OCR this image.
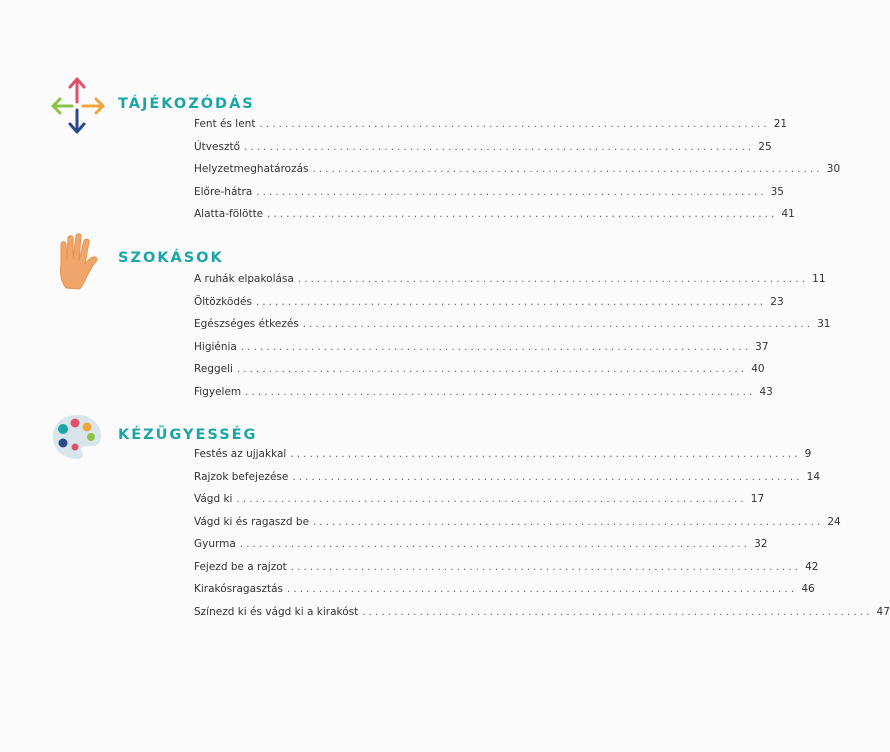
TÁJÉKOZÓDÁS
Fent és lent ................................................................................ 21
Útvesztő ................................................................................ 25
Helyzetmeghatározás ................................................................................ 30
Előre-hátra ................................................................................ 35
Alatta-fölötte ................................................................................ 41
SZOKÁSOK
A ruhák elpakolása ................................................................................ 11
Öltözködés ................................................................................ 23
Egészséges étkezés ................................................................................ 31
Higiénia ................................................................................ 37
Reggeli ................................................................................ 40
Figyelem ................................................................................ 43
KÉZÜGYESSÉG
Festés az ujjakkal ................................................................................ 9
Rajzok befejezése ................................................................................ 14
Vágd ki ................................................................................ 17
Vágd ki és ragaszd be ................................................................................ 24
Gyurma ................................................................................ 32
Fejezd be a rajzot ................................................................................ 42
Kirakósragasztás ................................................................................ 46
Színezd ki és vágd ki a kirakóst ................................................................................ 47
